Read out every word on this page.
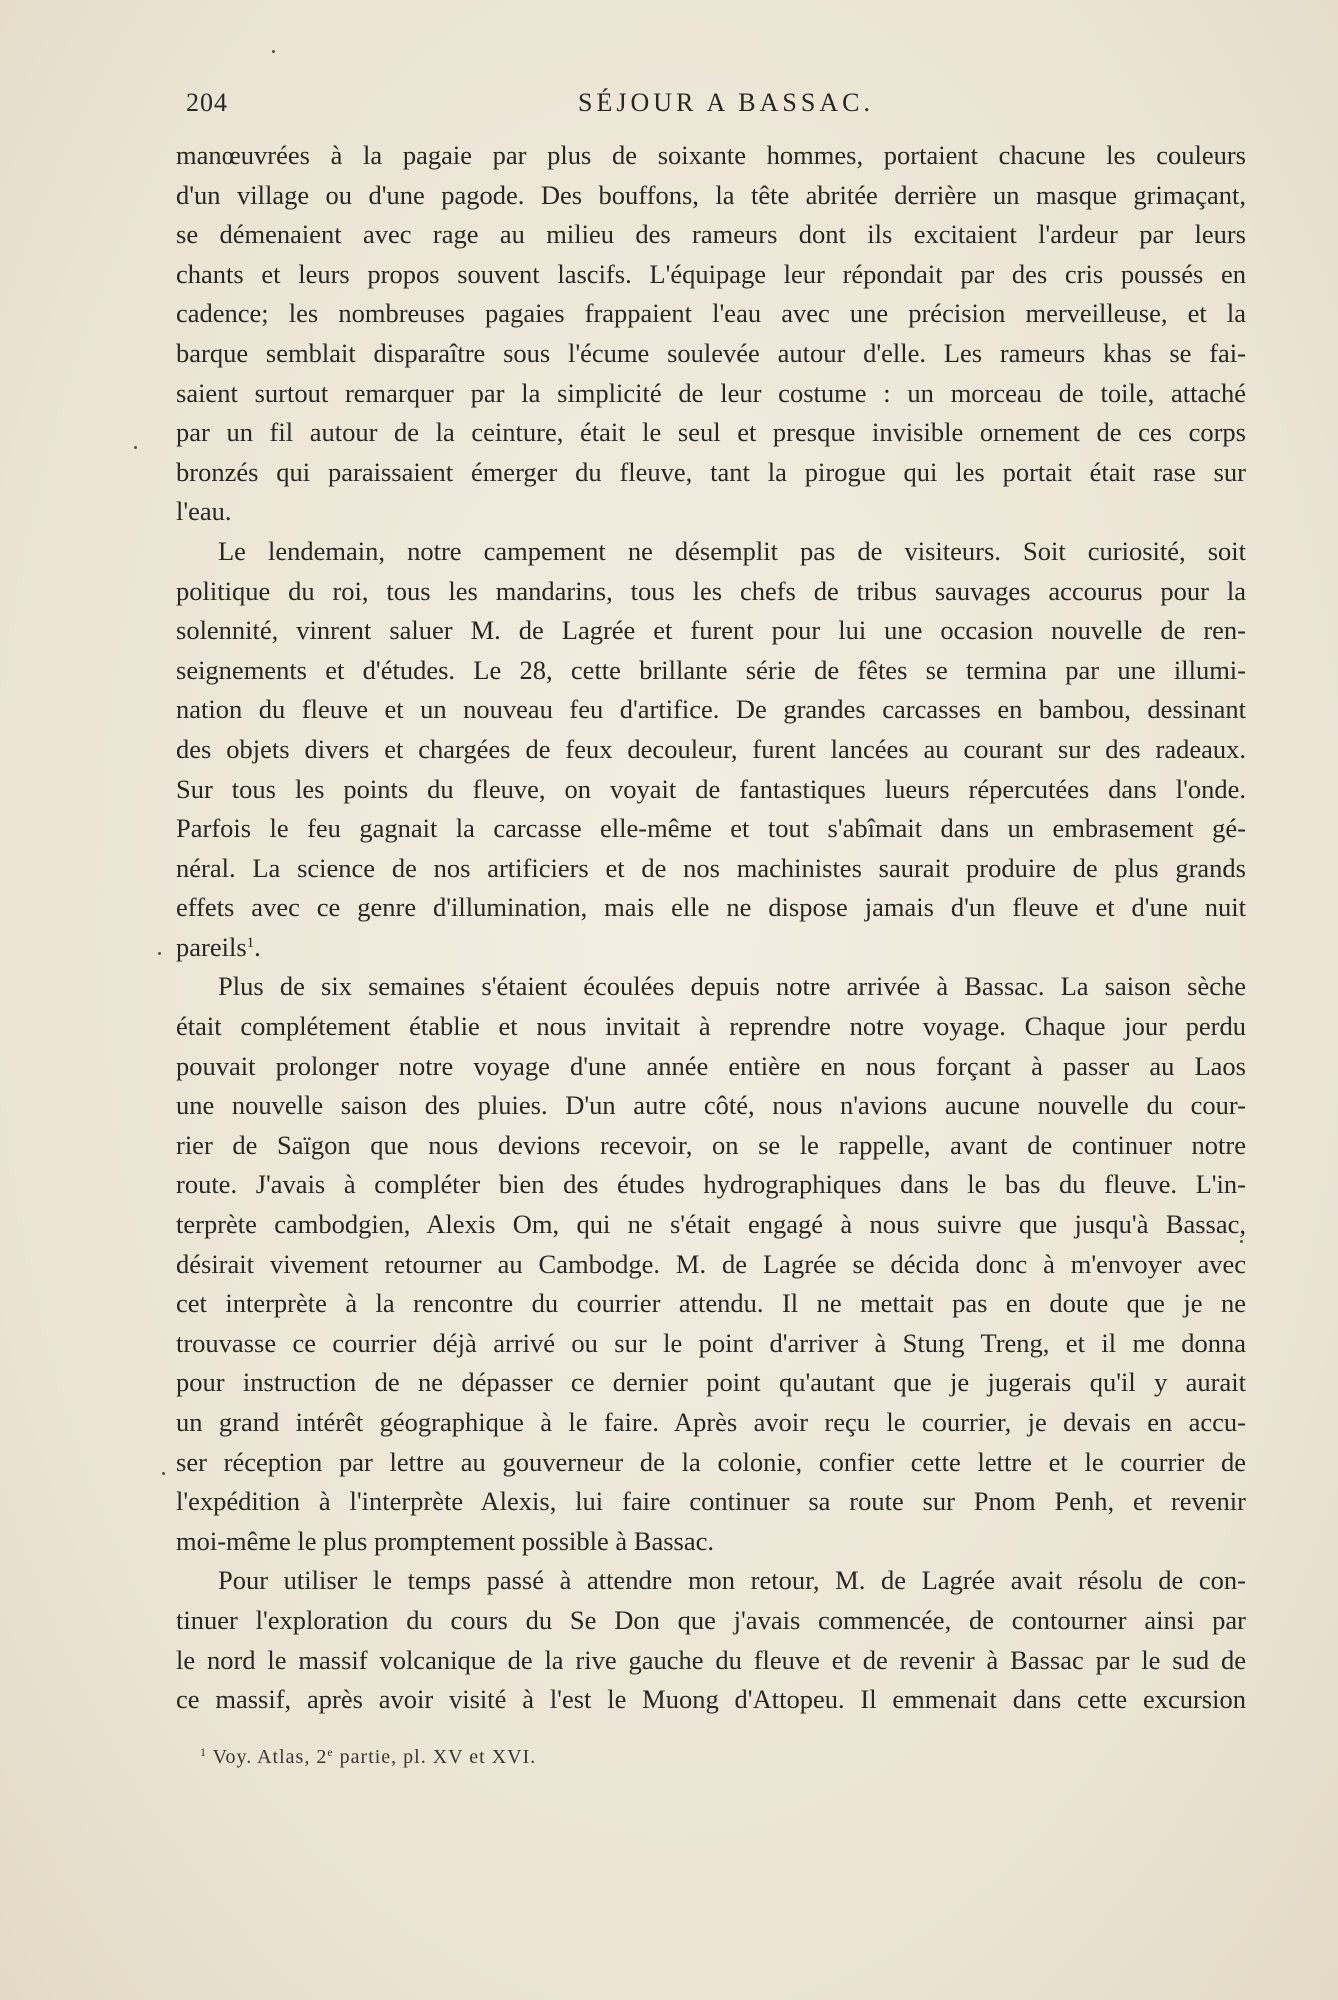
204	SÉJOUR A BASSAC.
manœuvrées à la pagaie par plus de soixante hommes, portaient chacune les couleurs
d'un village ou d'une pagode. Des bouffons, la tête abritée derrière un masque grimaçant,
se démenaient avec rage au milieu des rameurs dont ils excitaient l'ardeur par leurs
chants et leurs propos souvent lascifs. L'équipage leur répondait par des cris poussés en
cadence; les nombreuses pagaies frappaient l'eau avec une précision merveilleuse, et la
barque semblait disparaître sous l'écume soulevée autour d'elle. Les rameurs khas se fai-
saient surtout remarquer par la simplicité de leur costume : un morceau de toile, attaché
par un fil autour de la ceinture, était le seul et presque invisible ornement de ces corps
bronzés qui paraissaient émerger du fleuve, tant la pirogue qui les portait était rase sur
l'eau.
Le lendemain, notre campement ne désemplit pas de visiteurs. Soit curiosité, soit
politique du roi, tous les mandarins, tous les chefs de tribus sauvages accourus pour la
solennité, vinrent saluer M. de Lagrée et furent pour lui une occasion nouvelle de ren-
seignements et d'études. Le 28, cette brillante série de fêtes se termina par une illumi-
nation du fleuve et un nouveau feu d'artifice. De grandes carcasses en bambou, dessinant
des objets divers et chargées de feux decouleur, furent lancées au courant sur des radeaux.
Sur tous les points du fleuve, on voyait de fantastiques lueurs répercutées dans l'onde.
Parfois le feu gagnait la carcasse elle-même et tout s'abîmait dans un embrasement gé-
néral. La science de nos artificiers et de nos machinistes saurait produire de plus grands
effets avec ce genre d'illumination, mais elle ne dispose jamais d'un fleuve et d'une nuit
pareils$^1$.
Plus de six semaines s'étaient écoulées depuis notre arrivée à Bassac. La saison sèche
était complétement établie et nous invitait à reprendre notre voyage. Chaque jour perdu
pouvait prolonger notre voyage d'une année entière en nous forçant à passer au Laos
une nouvelle saison des pluies. D'un autre côté, nous n'avions aucune nouvelle du cour-
rier de Saïgon que nous devions recevoir, on se le rappelle, avant de continuer notre
route. J'avais à compléter bien des études hydrographiques dans le bas du fleuve. L'in-
terprète cambodgien, Alexis Om, qui ne s'était engagé à nous suivre que jusqu'à Bassac,
désirait vivement retourner au Cambodge. M. de Lagrée se décida donc à m'envoyer avec
cet interprète à la rencontre du courrier attendu. Il ne mettait pas en doute que je ne
trouvasse ce courrier déjà arrivé ou sur le point d'arriver à Stung Treng, et il me donna
pour instruction de ne dépasser ce dernier point qu'autant que je jugerais qu'il y aurait
un grand intérêt géographique à le faire. Après avoir reçu le courrier, je devais en accu-
ser réception par lettre au gouverneur de la colonie, confier cette lettre et le courrier de
l'expédition à l'interprète Alexis, lui faire continuer sa route sur Pnom Penh, et revenir
moi-même le plus promptement possible à Bassac.
Pour utiliser le temps passé à attendre mon retour, M. de Lagrée avait résolu de con-
tinuer l'exploration du cours du Se Don que j'avais commencée, de contourner ainsi par
le nord le massif volcanique de la rive gauche du fleuve et de revenir à Bassac par le sud de
ce massif, après avoir visité à l'est le Muong d'Attopeu. Il emmenait dans cette excursion
$^1$ Voy. Atlas, 2e partie, pl. XV et XVI.
